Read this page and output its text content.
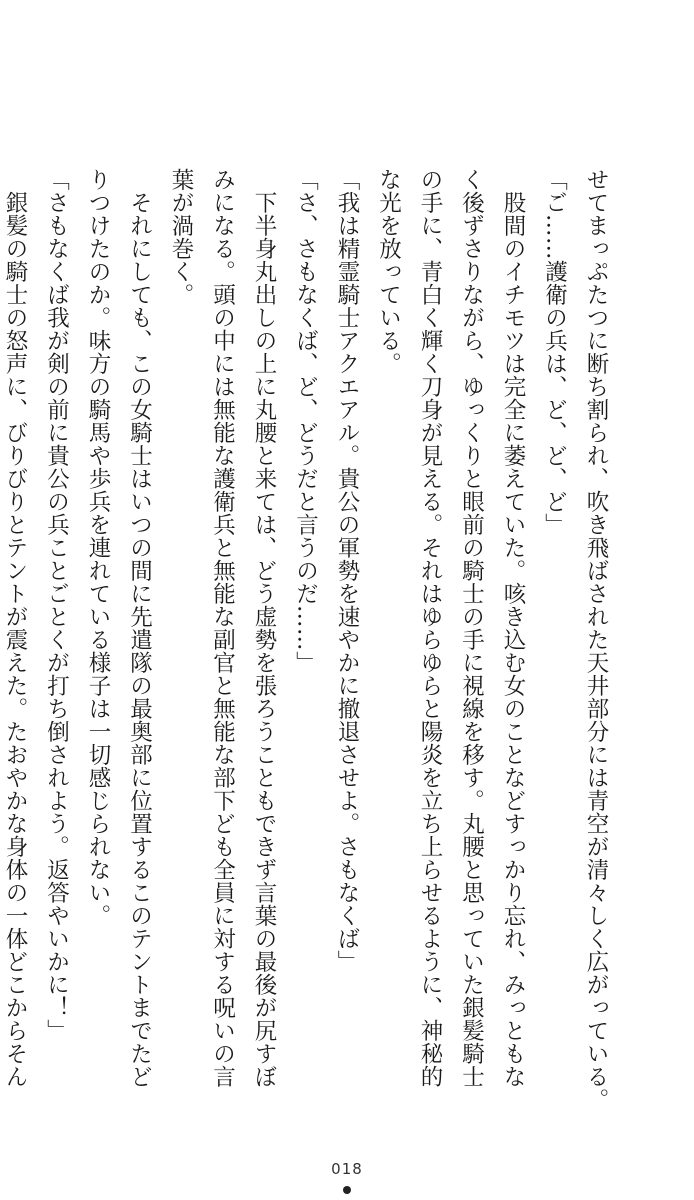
せてまっぷたつに断ち割られ、吹き飛ばされた天井部分には青空が清々しく広がっている。
「ご……護衛の兵は、ど、ど、ど」
　股間のイチモツは完全に萎えていた。咳き込む女のことなどすっかり忘れ、みっともな
く後ずさりながら、ゆっくりと眼前の騎士の手に視線を移す。丸腰と思っていた銀髪騎士
の手に、青白く輝く刀身が見える。それはゆらゆらと陽炎を立ち上らせるように、神秘的
な光を放っている。
「我は精霊騎士アクエアル。貴公の軍勢を速やかに撤退させよ。さもなくば」
「さ、さもなくば、ど、どうだと言うのだ……」
　下半身丸出しの上に丸腰と来ては、どう虚勢を張ろうこともできず言葉の最後が尻すぼ
みになる。頭の中には無能な護衛兵と無能な副官と無能な部下ども全員に対する呪いの言
葉が渦巻く。
　それにしても、この女騎士はいつの間に先遣隊の最奥部に位置するこのテントまでたど
りつけたのか。味方の騎馬や歩兵を連れている様子は一切感じられない。
「さもなくば我が剣の前に貴公の兵ことごとくが打ち倒されよう。返答やいかに！」
　銀髪の騎士の怒声に、びりびりとテントが震えた。たおやかな身体の一体どこからそん
018
